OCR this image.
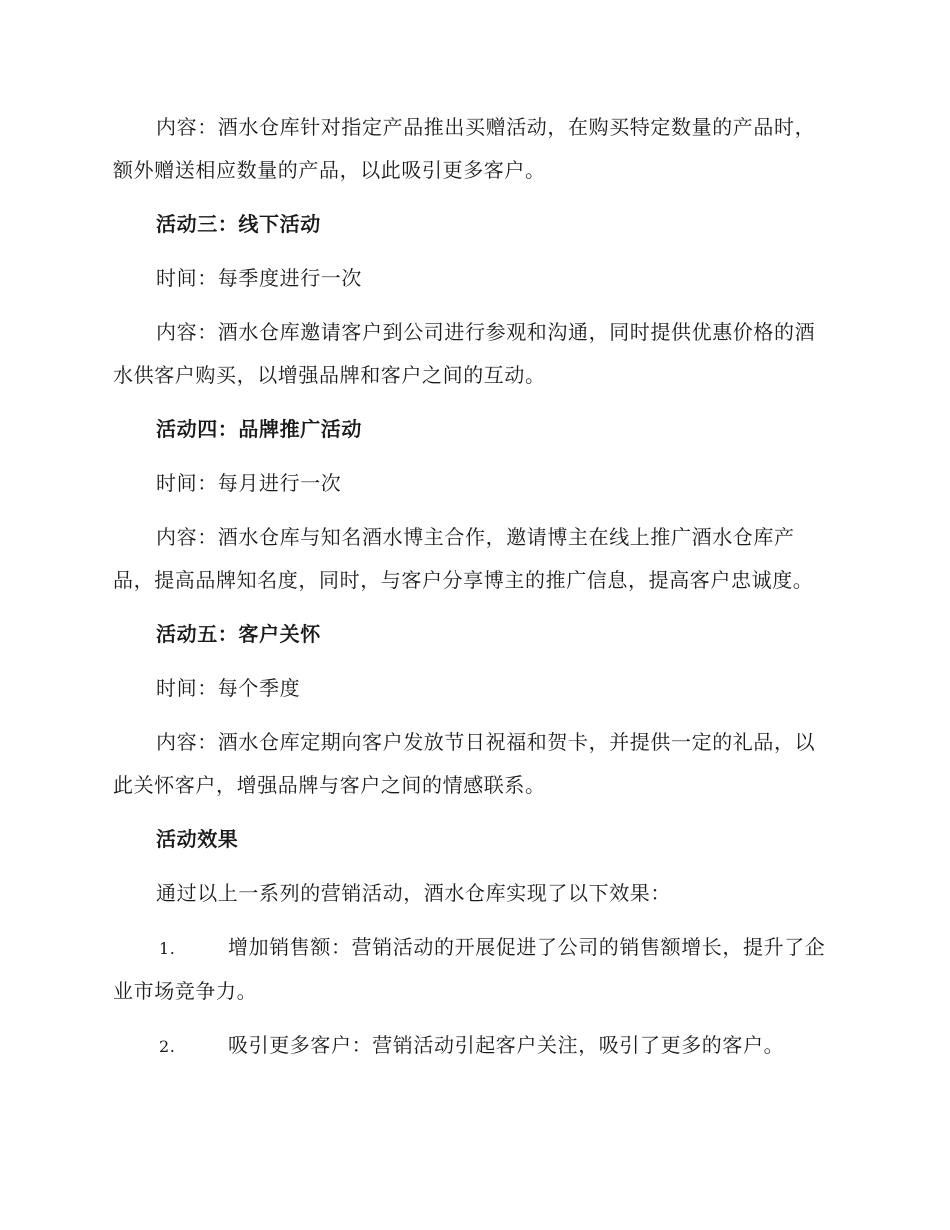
内容：酒水仓库针对指定产品推出买赠活动，在购买特定数量的产品时，额外赠送相应数量的产品，以此吸引更多客户。

活动三：线下活动

时间：每季度进行一次

内容：酒水仓库邀请客户到公司进行参观和沟通，同时提供优惠价格的酒水供客户购买，以增强品牌和客户之间的互动。

活动四：品牌推广活动

时间：每月进行一次

内容：酒水仓库与知名酒水博主合作，邀请博主在线上推广酒水仓库产品，提高品牌知名度，同时，与客户分享博主的推广信息，提高客户忠诚度。

活动五：客户关怀

时间：每个季度

内容：酒水仓库定期向客户发放节日祝福和贺卡，并提供一定的礼品，以此关怀客户，增强品牌与客户之间的情感联系。

活动效果

通过以上一系列的营销活动，酒水仓库实现了以下效果：

1.	增加销售额：营销活动的开展促进了公司的销售额增长，提升了企业市场竞争力。

2.	吸引更多客户：营销活动引起客户关注，吸引了更多的客户。
